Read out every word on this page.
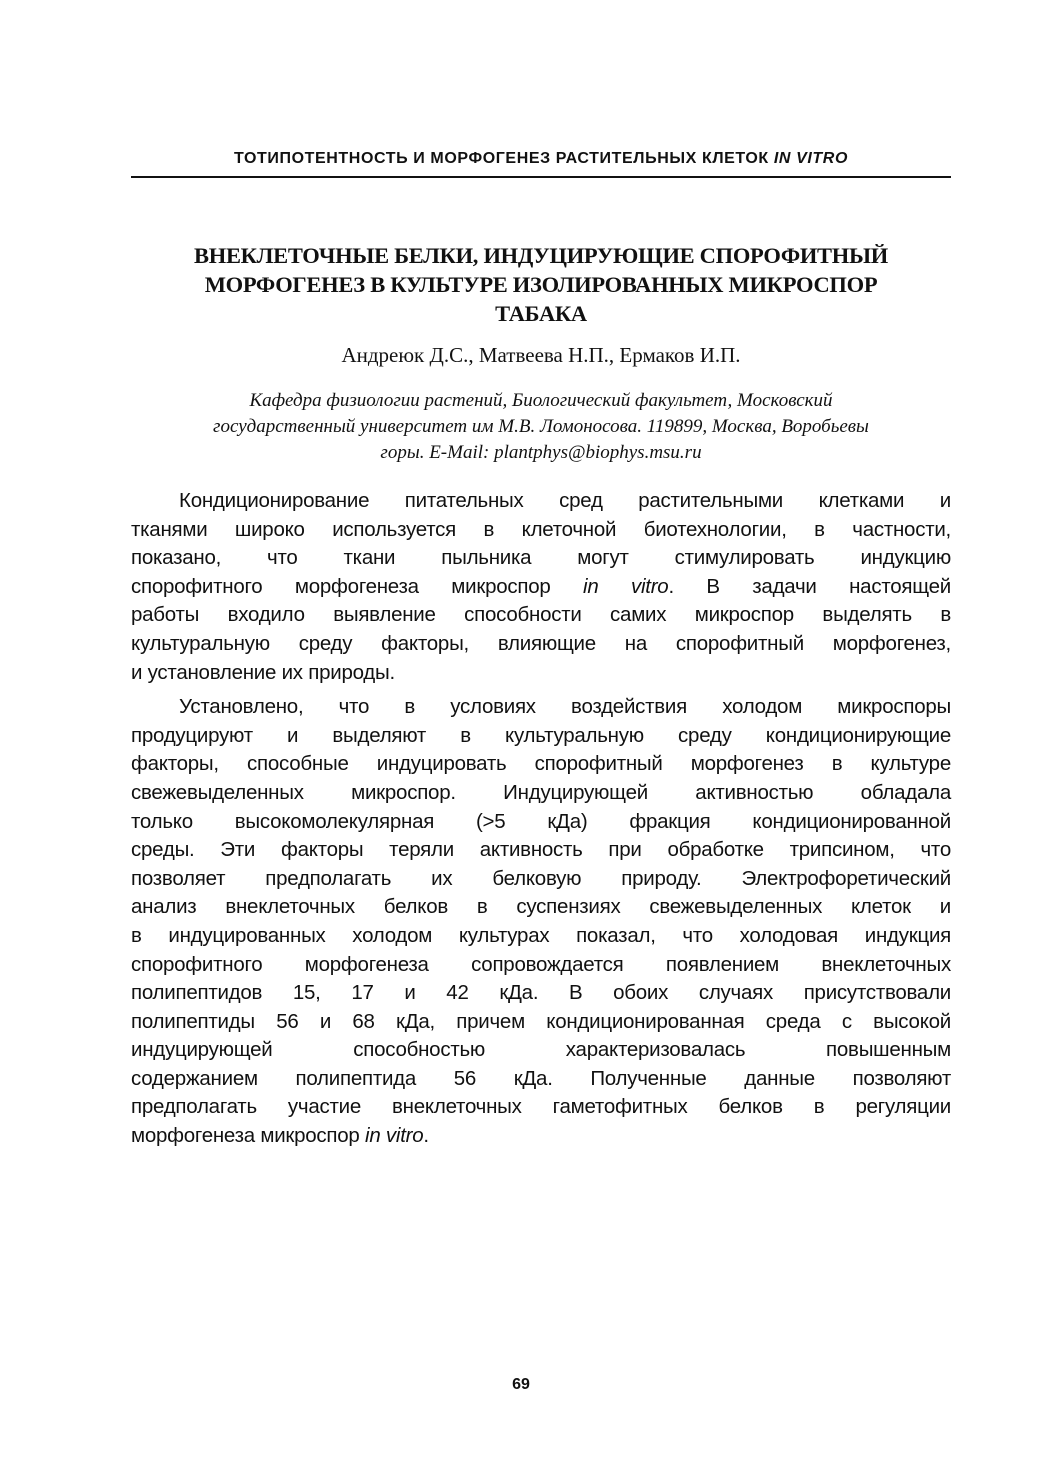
ТОТИПОТЕНТНОСТЬ И МОРФОГЕНЕЗ РАСТИТЕЛЬНЫХ КЛЕТОК IN VITRO
ВНЕКЛЕТОЧНЫЕ БЕЛКИ, ИНДУЦИРУЮЩИЕ СПОРОФИТНЫЙ
МОРФОГЕНЕЗ В КУЛЬТУРЕ ИЗОЛИРОВАННЫХ МИКРОСПОР
ТАБАКА
Андреюк Д.С., Матвеева Н.П., Ермаков И.П.
Кафедра физиологии растений, Биологический факультет, Московский
государственный университет им М.В. Ломоносова. 119899, Москва, Воробьевы
горы. E-Mail: plantphys@biophys.msu.ru
Кондиционирование питательных сред растительными клетками и
тканями широко используется в клеточной биотехнологии, в частности,
показано, что ткани пыльника могут стимулировать индукцию
спорофитного морфогенеза микроспор in vitro. В задачи настоящей
работы входило выявление способности самих микроспор выделять в
культуральную среду факторы, влияющие на спорофитный морфогенез,
и установление их природы.
Установлено, что в условиях воздействия холодом микроспоры
продуцируют и выделяют в культуральную среду кондиционирующие
факторы, способные индуцировать спорофитный морфогенез в культуре
свежевыделенных микроспор. Индуцирующей активностью обладала
только высокомолекулярная (>5 кДа) фракция кондиционированной
среды. Эти факторы теряли активность при обработке трипсином, что
позволяет предполагать их белковую природу. Электрофоретический
анализ внеклеточных белков в суспензиях свежевыделенных клеток и
в индуцированных холодом культурах показал, что холодовая индукция
спорофитного морфогенеза сопровождается появлением внеклеточных
полипептидов 15, 17 и 42 кДа. В обоих случаях присутствовали
полипептиды 56 и 68 кДа, причем кондиционированная среда с высокой
индуцирующей способностью характеризовалась повышенным
содержанием полипептида 56 кДа. Полученные данные позволяют
предполагать участие внеклеточных гаметофитных белков в регуляции
морфогенеза микроспор in vitro.
69
